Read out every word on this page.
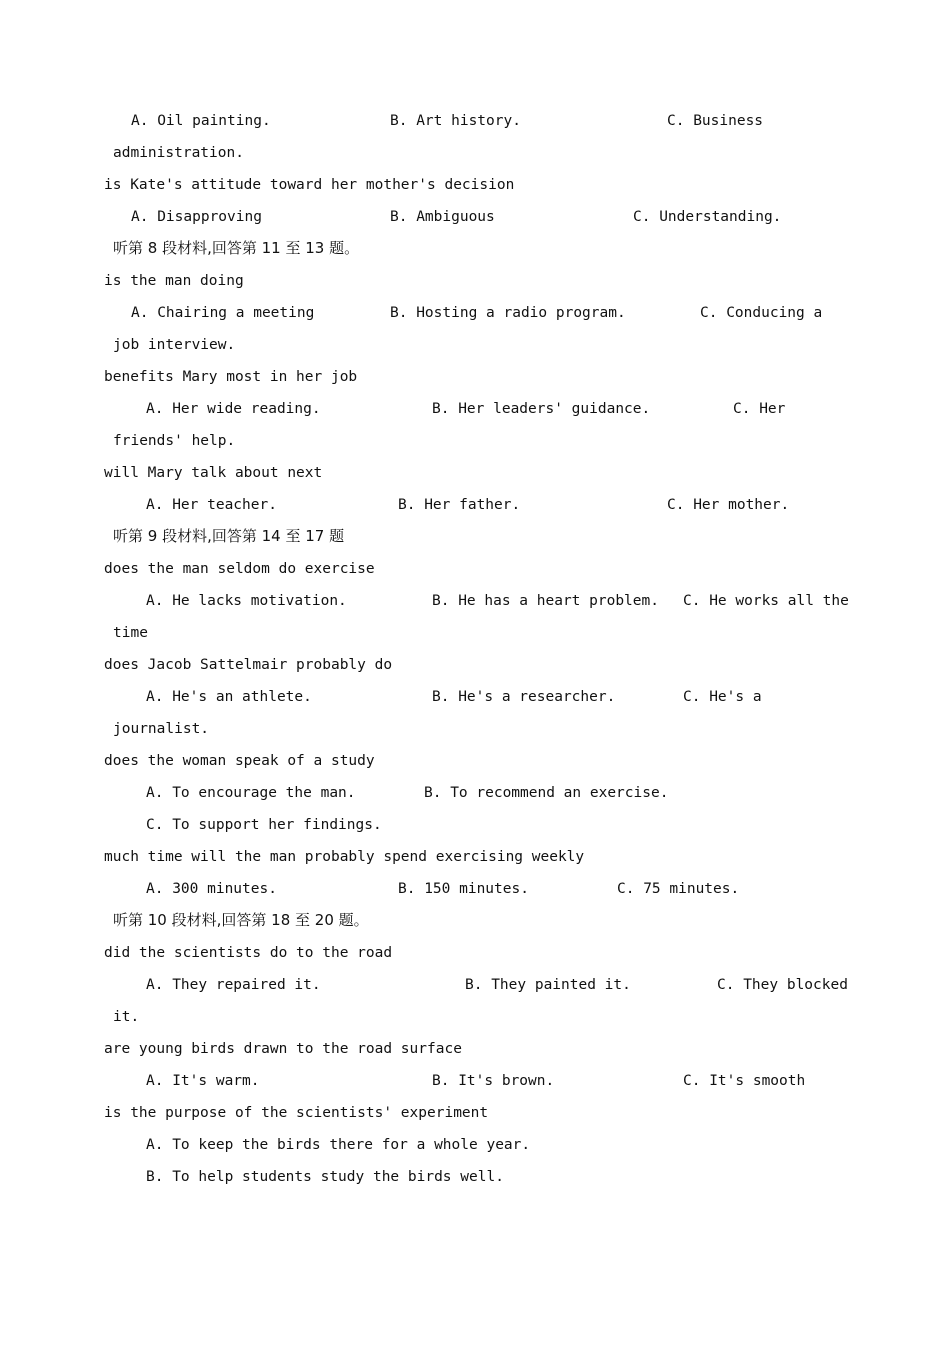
A. Oil painting.	B. Art history.	C. Business
administration.
is Kate's attitude toward her mother's decision
A. Disapproving	B. Ambiguous	C. Understanding.
听第 8 段材料,回答第 11 至 13 题。
is the man doing
A. Chairing a meeting	B. Hosting a radio program.	C. Conducing a
job interview.
benefits Mary most in her job
A. Her wide reading.	B. Her leaders' guidance.	C. Her
friends' help.
will Mary talk about next
A. Her teacher.	B. Her father.	C. Her mother.
听第 9 段材料,回答第 14 至 17 题
does the man seldom do exercise
A. He lacks motivation.	B. He has a heart problem. C. He works all the
time
does Jacob Sattelmair probably do
A. He's an athlete.	B. He's a researcher.	C. He's a
journalist.
does the woman speak of a study
A. To encourage the man.	B. To recommend an exercise.
C. To support her findings.
much time will the man probably spend exercising weekly
A. 300 minutes.	B. 150 minutes.	C. 75 minutes.
听第 10 段材料,回答第 18 至 20 题。
did the scientists do to the road
A. They repaired it.	B. They painted it.	C. They blocked
it.
are young birds drawn to the road surface
A. It's warm.	B. It's brown.	C. It's smooth
is the purpose of the scientists' experiment
A. To keep the birds there for a whole year.
B. To help students study the birds well.
